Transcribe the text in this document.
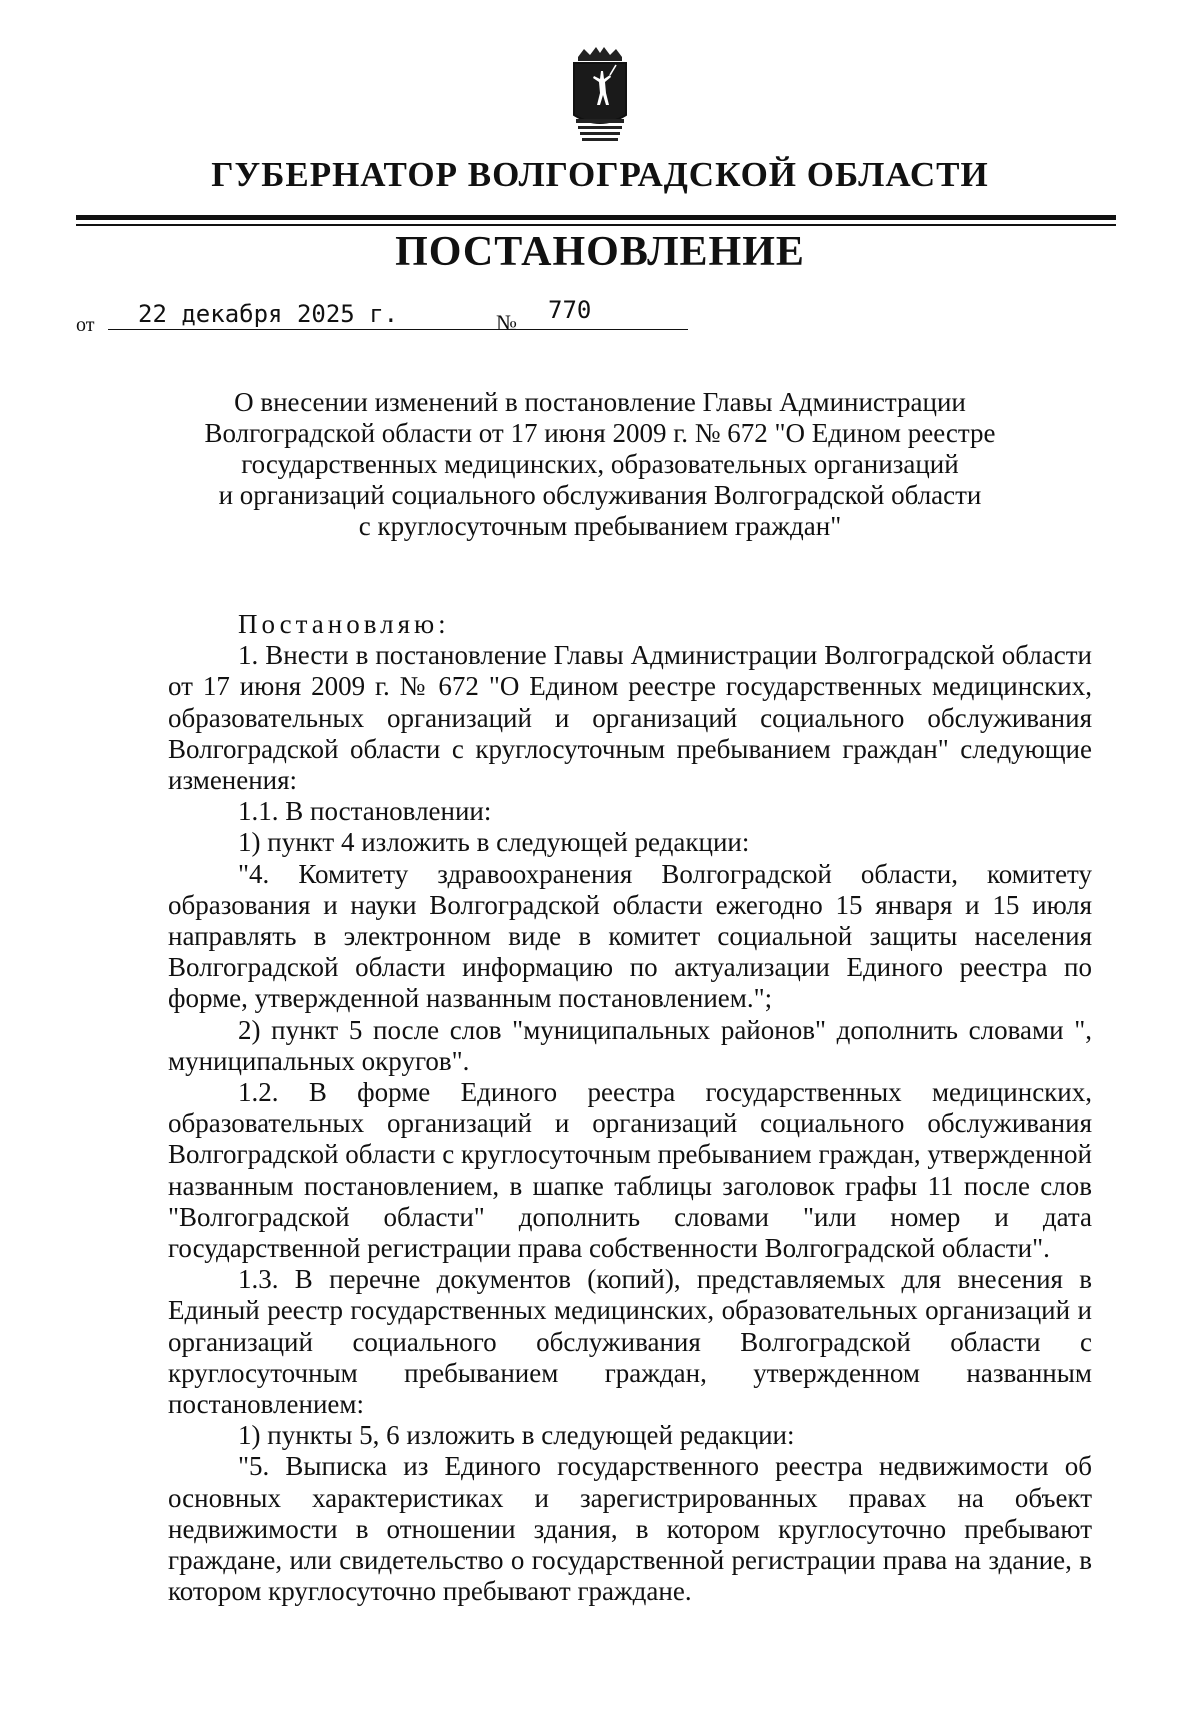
ГУБЕРНАТОР ВОЛГОГРАДСКОЙ ОБЛАСТИ
ПОСТАНОВЛЕНИЕ
от 22 декабря 2025 г.	№ 770
О внесении изменений в постановление Главы Администрации
Волгоградской области от 17 июня 2009 г. № 672 "О Едином реестре
государственных медицинских, образовательных организаций
и организаций социального обслуживания Волгоградской области
с круглосуточным пребыванием граждан"

Постановляю:

1. Внести в постановление Главы Администрации Волгоградской области от 17 июня 2009 г. № 672 "О Едином реестре государственных медицинских, образовательных организаций и организаций социального обслуживания Волгоградской области с круглосуточным пребыванием граждан" следующие изменения:

1.1. В постановлении:

1) пункт 4 изложить в следующей редакции:

"4. Комитету здравоохранения Волгоградской области, комитету образования и науки Волгоградской области ежегодно 15 января и 15 июля направлять в электронном виде в комитет социальной защиты населения Волгоградской области информацию по актуализации Единого реестра по форме, утвержденной названным постановлением.";

2) пункт 5 после слов "муниципальных районов" дополнить словами ", муниципальных округов".

1.2. В форме Единого реестра государственных медицинских, образовательных организаций и организаций социального обслуживания Волгоградской области с круглосуточным пребыванием граждан, утвержденной названным постановлением, в шапке таблицы заголовок графы 11 после слов "Волгоградской области" дополнить словами "или номер и дата государственной регистрации права собственности Волгоградской области".

1.3. В перечне документов (копий), представляемых для внесения в Единый реестр государственных медицинских, образовательных организаций и организаций социального обслуживания Волгоградской области с круглосуточным пребыванием граждан, утвержденном названным постановлением:

1) пункты 5, 6 изложить в следующей редакции:

"5. Выписка из Единого государственного реестра недвижимости об основных характеристиках и зарегистрированных правах на объект недвижимости в отношении здания, в котором круглосуточно пребывают граждане, или свидетельство о государственной регистрации права на здание, в котором круглосуточно пребывают граждане.
